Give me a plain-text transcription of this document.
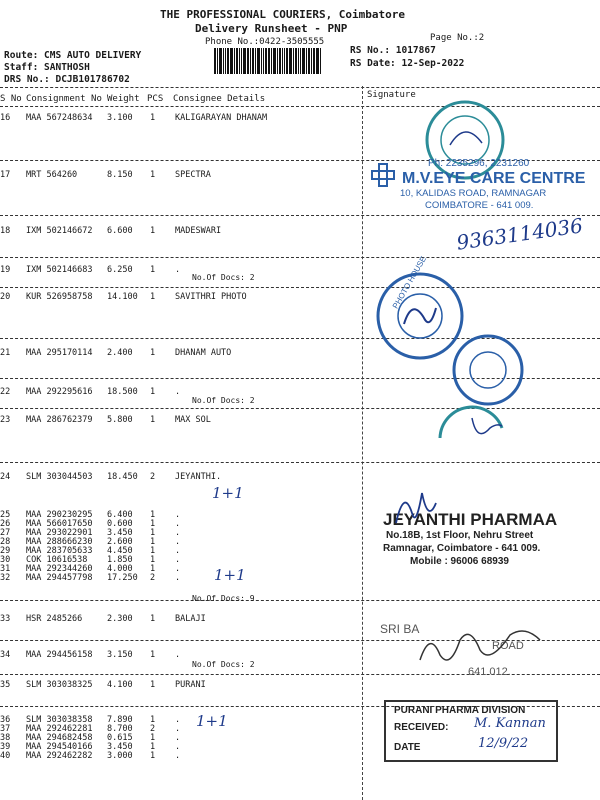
THE PROFESSIONAL COURIERS, Coimbatore
Delivery Runsheet - PNP
Phone No.:0422-3505555	Page No.:2
Route: CMS AUTO DELIVERY
Staff: SANTHOSH
DRS No.: DCJB101786702
RS No.: 1017867
RS Date: 12-Sep-2022
S No Consignment No Weight PCS Consignee Details	Signature
16 MAA 567248634 3.100 1 KALIGARAYAN DHANAM
17 MRT 564260	8.150 1 SPECTRA
18 IXM 502146672 6.600 1 MADESWARI
19 IXM 502146683 6.250 1 .
20 KUR 526958758 14.100 1 SAVITHRI PHOTO
21 MAA 295170114 2.400 1 DHANAM AUTO
22 MAA 292295616 18.500 1 .
23 MAA 286762379 5.800 1 MAX SOL
24 SLM 303044503 18.450 2 JEYANTHI.
25 MAA 290230295 6.400 1 .
26 MAA 566017650 0.600 1 .
27 MAA 293022901 3.450 1 .
28 MAA 288666230 2.600 1 .
29 MAA 283705633 4.450 1 .
30 COK 10616538 1.850 1 .
31 MAA 292344260 4.000 1 .
32 MAA 294457798 17.250 2 .
33 HSR 2485266	2.300 1 BALAJI
34 MAA 294456158 3.150 1 .
35 SLM 303038325 4.100 1 PURANI
36 SLM 303038358 7.890 1 .
37 MAA 292462281 8.700 2 .
38 MAA 294682458 0.615 1 .
39 MAA 294540166 3.450 1 .
40 MAA 292462282 3.000 1 .
No.Of Docs: 2
No.Of Docs: 2
No.Of Docs: 9
No.Of Docs: 2
Ph: 2235296, 2231260
M.V.EYE CARE CENTRE
10, KALIDAS ROAD, RAMNAGAR
COIMBATORE - 641 009.
9363114036
PHOTO HOUSE
1+1
1+1
1+1
JEYANTHI PHARMAA
No.18B, 1st Floor, Nehru Street
Ramnagar, Coimbatore - 641 009.
Mobile : 96006 68939
SRI BA
ROAD
641 012.
PURANI PHARMA DIVISION
RECEIVED: M. Kannan
DATE	12/9/22
